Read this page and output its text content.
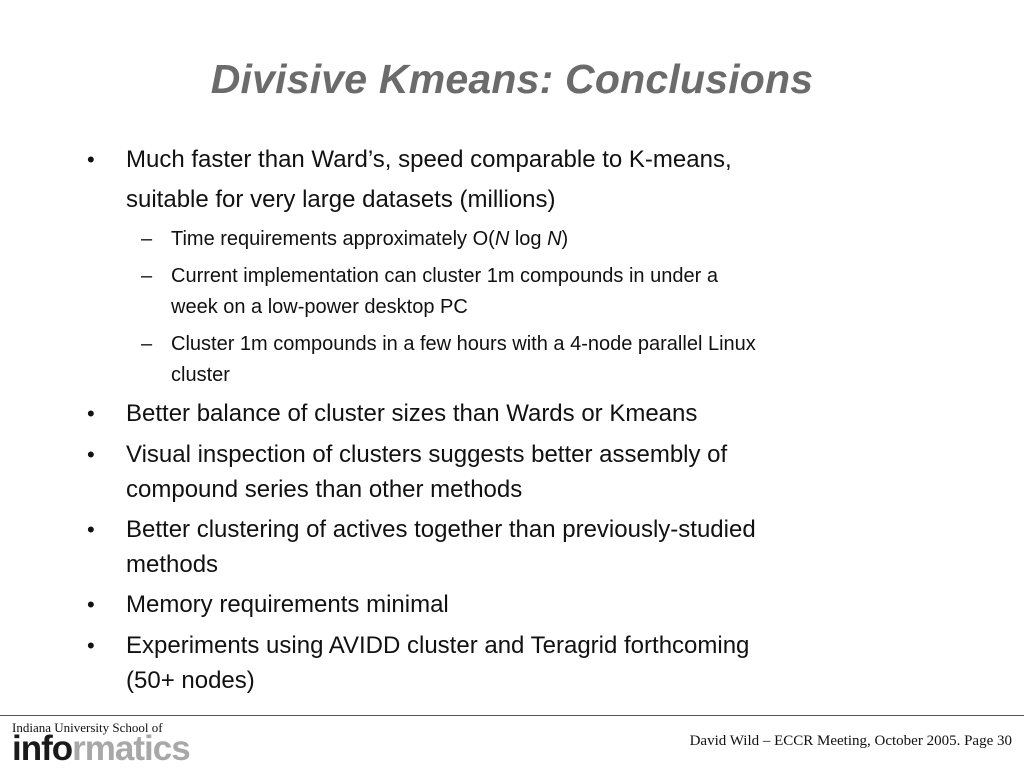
Divisive Kmeans: Conclusions
• Much faster than Ward’s, speed comparable to K-means,
suitable for very large datasets (millions)
– Time requirements approximately O(N log N)
– Current implementation can cluster 1m compounds in under a
week on a low-power desktop PC
– Cluster 1m compounds in a few hours with a 4-node parallel Linux
cluster
• Better balance of cluster sizes than Wards or Kmeans
• Visual inspection of clusters suggests better assembly of
compound series than other methods
• Better clustering of actives together than previously-studied
methods
• Memory requirements minimal
• Experiments using AVIDD cluster and Teragrid forthcoming
(50+ nodes)
Indiana University School of
informatics	David Wild – ECCR Meeting, October 2005. Page 30
